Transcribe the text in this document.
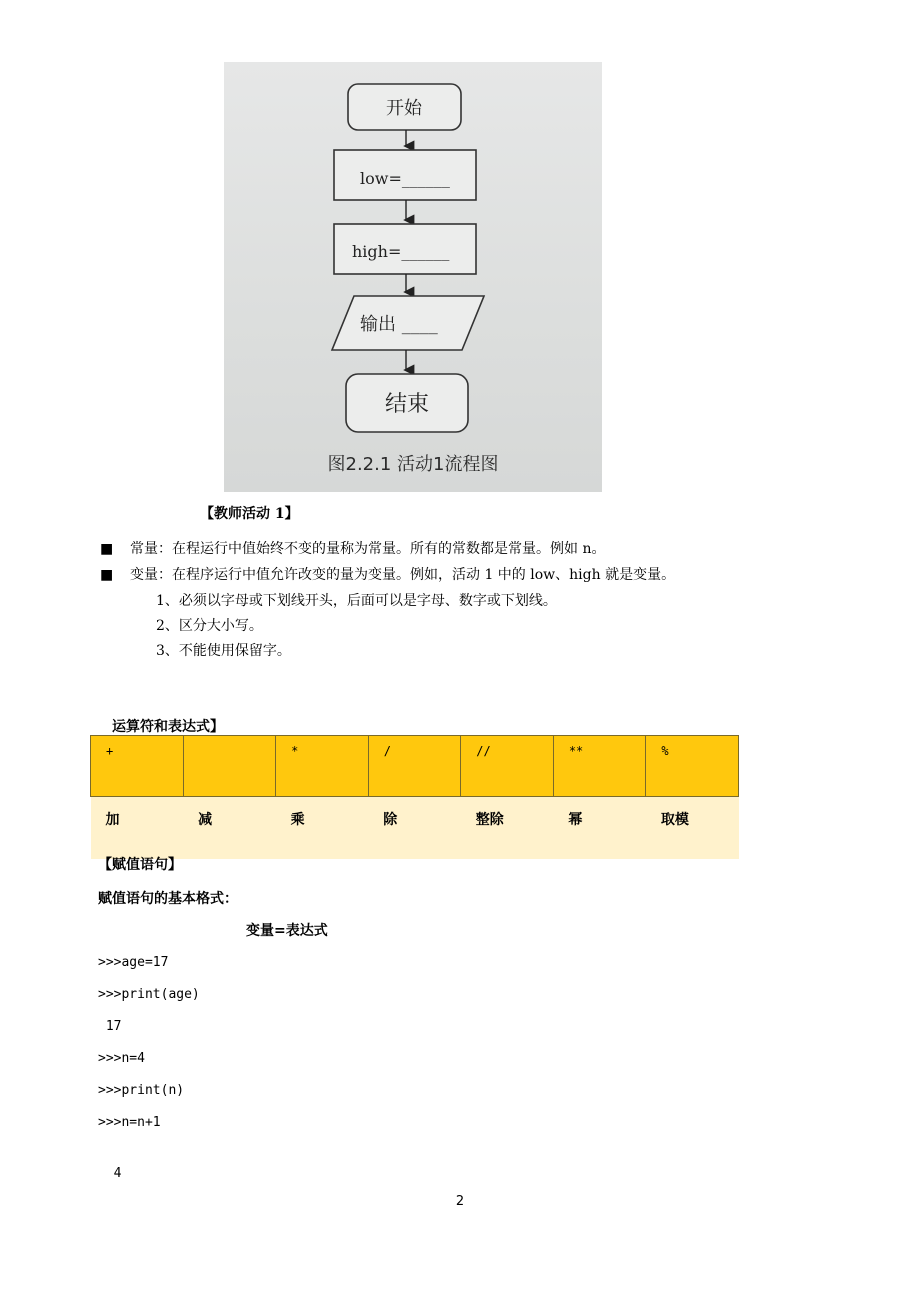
开始
low=______
high=______
输出 ____
结束
图2.2.1 活动1流程图
【教师活动 1】
■ 常量：在程运行中值始终不变的量称为常量。所有的常数都是常量。例如 n。
■ 变量：在程序运行中值允许改变的量为变量。例如，活动 1 中的 low、high 就是变量。
1、必须以字母或下划线开头，后面可以是字母、数字或下划线。
2、区分大小写。
3、不能使用保留字。
运算符和表达式】
+		*	/	//	**	%
加	减	乘	除	整除	幂	取模
【赋值语句】
赋值语句的基本格式：
变量=表达式
>>>age=17
>>>print(age)
17
>>>n=4
>>>print(n)
>>>n=n+1
4
2
